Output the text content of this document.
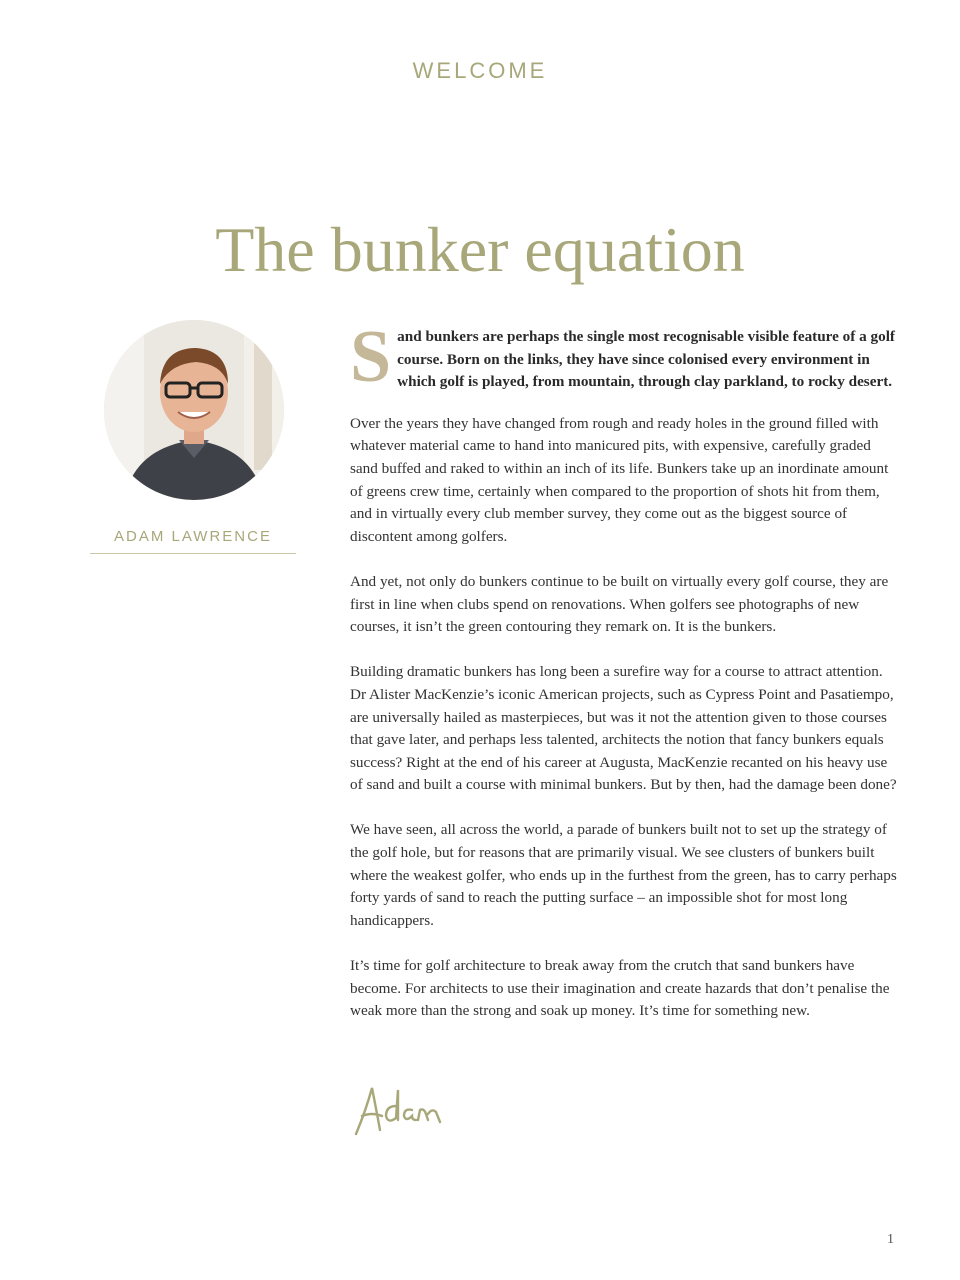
WELCOME
The bunker equation
ADAM LAWRENCE

Sand bunkers are perhaps the single most recognisable visible feature of a golf course. Born on the links, they have since colonised every environment in which golf is played, from mountain, through clay parkland, to rocky desert.

Over the years they have changed from rough and ready holes in the ground filled with whatever material came to hand into manicured pits, with expensive, carefully graded sand buffed and raked to within an inch of its life. Bunkers take up an inordinate amount of greens crew time, certainly when compared to the proportion of shots hit from them, and in virtually every club member survey, they come out as the biggest source of discontent among golfers.

And yet, not only do bunkers continue to be built on virtually every golf course, they are first in line when clubs spend on renovations. When golfers see photographs of new courses, it isn’t the green contouring they remark on. It is the bunkers.

Building dramatic bunkers has long been a surefire way for a course to attract attention. Dr Alister MacKenzie’s iconic American projects, such as Cypress Point and Pasatiempo, are universally hailed as masterpieces, but was it not the attention given to those courses that gave later, and perhaps less talented, architects the notion that fancy bunkers equals success? Right at the end of his career at Augusta, MacKenzie recanted on his heavy use of sand and built a course with minimal bunkers. But by then, had the damage been done?

We have seen, all across the world, a parade of bunkers built not to set up the strategy of the golf hole, but for reasons that are primarily visual. We see clusters of bunkers built where the weakest golfer, who ends up in the furthest from the green, has to carry perhaps forty yards of sand to reach the putting surface – an impossible shot for most long handicappers.

It’s time for golf architecture to break away from the crutch that sand bunkers have become. For architects to use their imagination and create hazards that don’t penalise the weak more than the strong and soak up money. It’s time for something new.

1
